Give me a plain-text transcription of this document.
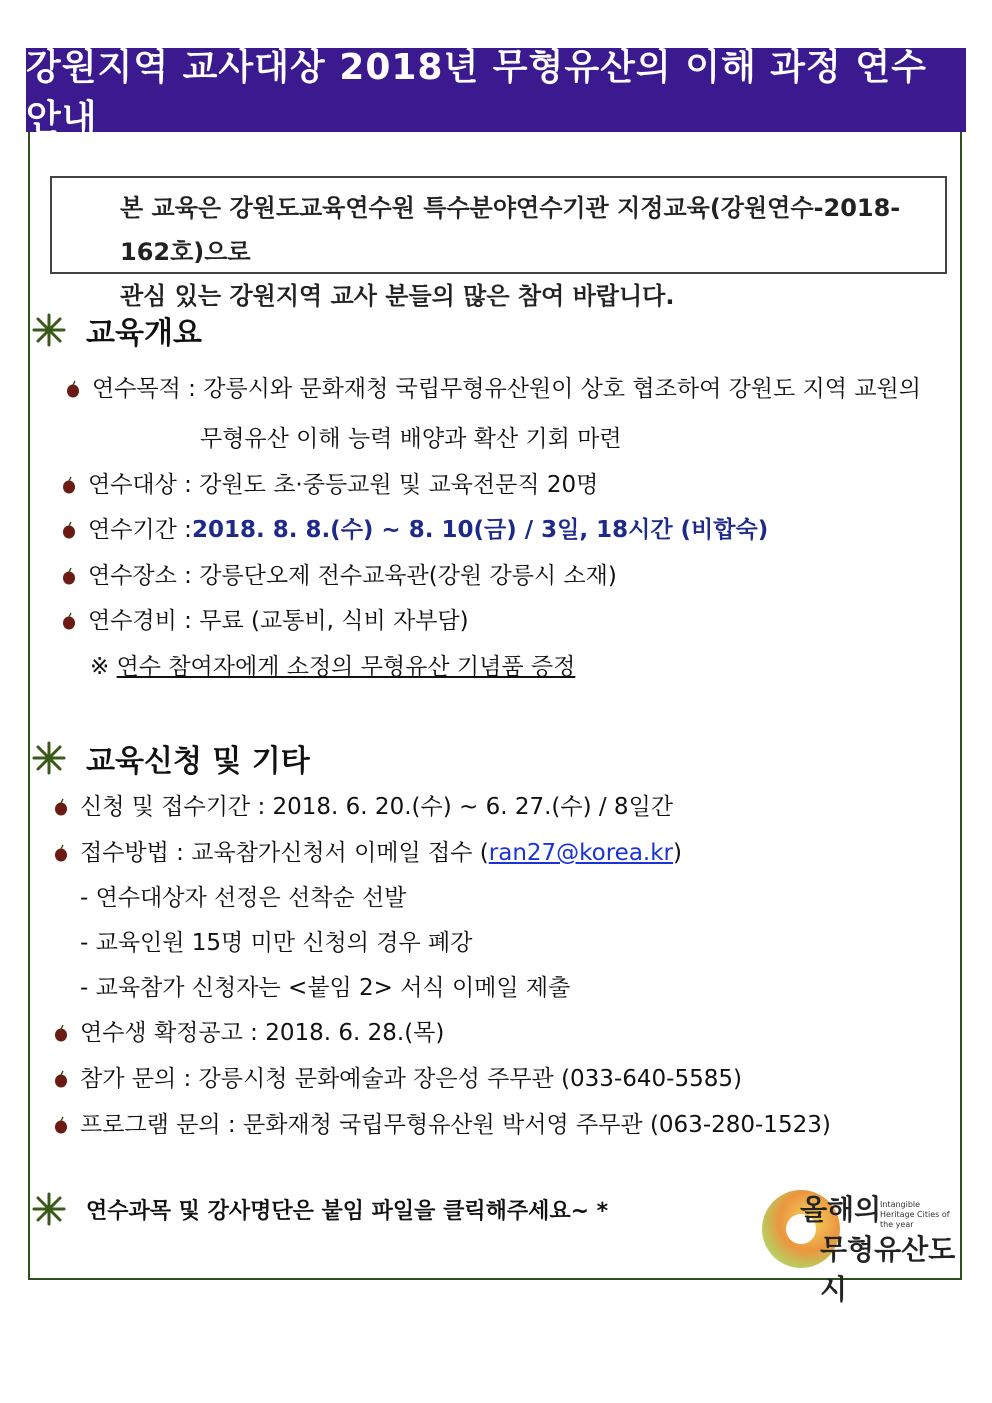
강원지역 교사대상 2018년 무형유산의 이해 과정 연수 안내
본 교육은 강원도교육연수원 특수분야연수기관 지정교육(강원연수-2018-162호)으로
관심 있는 강원지역 교사 분들의 많은 참여 바랍니다.
교육개요
연수목적 : 강릉시와 문화재청 국립무형유산원이 상호 협조하여 강원도 지역 교원의
무형유산 이해 능력 배양과 확산 기회 마련
연수대상 : 강원도 초·중등교원 및 교육전문직 20명
연수기간 : 2018. 8. 8.(수) ~ 8. 10(금) / 3일, 18시간 (비합숙)
연수장소 : 강릉단오제 전수교육관(강원 강릉시 소재)
연수경비 : 무료 (교통비, 식비 자부담)
※ 연수 참여자에게 소정의 무형유산 기념품 증정
교육신청 및 기타
신청 및 접수기간 : 2018. 6. 20.(수) ~ 6. 27.(수) / 8일간
접수방법 : 교육참가신청서 이메일 접수 ( ran27@korea.kr )
- 연수대상자 선정은 선착순 선발
- 교육인원 15명 미만 신청의 경우 폐강
- 교육참가 신청자는 <붙임 2> 서식 이메일 제출
연수생 확정공고 : 2018. 6. 28.(목)
참가 문의 : 강릉시청 문화예술과 장은성 주무관 (033-640-5585)
프로그램 문의 : 문화재청 국립무형유산원 박서영 주무관 (063-280-1523)
연수과목 및 강사명단은 붙임 파일을 클릭해주세요~ *	올해의
Intangible Heritage Cities of the year
무형유산도시
